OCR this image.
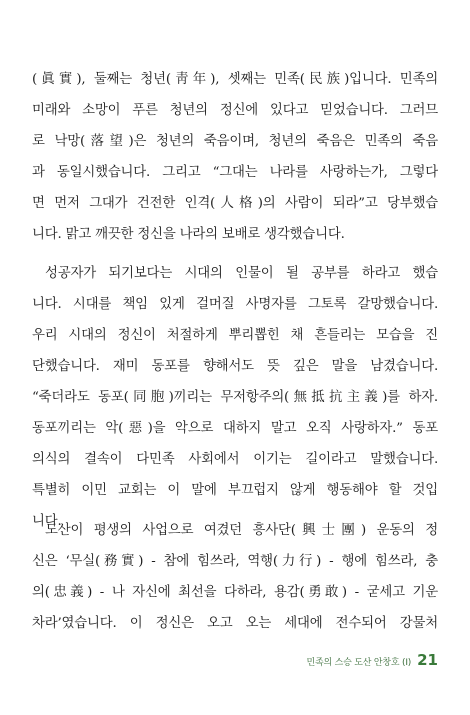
(眞實), 둘째는 청년(靑年), 셋째는 민족(民族)입니다. 민족의
미래와 소망이 푸른 청년의 정신에 있다고 믿었습니다. 그러므
로 낙망(落望)은 청년의 죽음이며, 청년의 죽음은 민족의 죽음
과 동일시했습니다. 그리고 “그대는 나라를 사랑하는가, 그렇다
면 먼저 그대가 건전한 인격(人格)의 사람이 되라”고 당부했습
니다. 맑고 깨끗한 정신을 나라의 보배로 생각했습니다.
성공자가 되기보다는 시대의 인물이 될 공부를 하라고 했습
니다. 시대를 책임 있게 걸머질 사명자를 그토록 갈망했습니다.
우리 시대의 정신이 처절하게 뿌리뽑힌 채 흔들리는 모습을 진
단했습니다. 재미 동포를 향해서도 뜻 깊은 말을 남겼습니다.
“죽더라도 동포(同胞)끼리는 무저항주의(無抵抗主義)를 하자.
동포끼리는 악(惡)을 악으로 대하지 말고 오직 사랑하자.” 동포
의식의 결속이 다민족 사회에서 이기는 길이라고 말했습니다.
특별히 이민 교회는 이 말에 부끄럽지 않게 행동해야 할 것입
니다.
도산이 평생의 사업으로 여겼던 흥사단(興士團) 운동의 정
신은 ‘무실(務實) - 참에 힘쓰라, 역행(力行) - 행에 힘쓰라, 충
의(忠義) - 나 자신에 최선을 다하라, 용감(勇敢) - 굳세고 기운
차라’였습니다. 이 정신은 오고 오는 세대에 전수되어 강물처
민족의 스승 도산 안창호 (I) 21
